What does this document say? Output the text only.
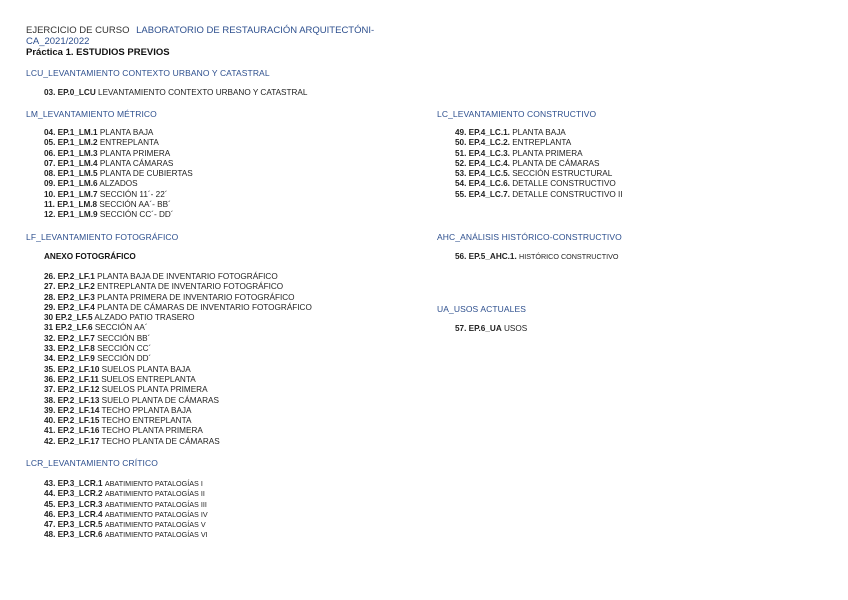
EJERCICIO DE CURSO LABORATORIO DE RESTAURACIÓN ARQUITECTÓNI-
CA_2021/2022
Práctica 1. ESTUDIOS PREVIOS
LCU_LEVANTAMIENTO CONTEXTO URBANO Y CATASTRAL
03. EP.0_LCU LEVANTAMIENTO CONTEXTO URBANO Y CATASTRAL
LM_LEVANTAMIENTO MÉTRICO
04. EP.1_LM.1 PLANTA BAJA
05. EP.1_LM.2 ENTREPLANTA
06. EP.1_LM.3 PLANTA PRIMERA
07. EP.1_LM.4 PLANTA CÁMARAS
08. EP.1_LM.5 PLANTA DE CUBIERTAS
09. EP.1_LM.6 ALZADOS
10. EP.1_LM.7 SECCIÓN 11´- 22´
11. EP.1_LM.8 SECCIÓN AA´- BB´
12. EP.1_LM.9 SECCIÓN CC´- DD´
LF_LEVANTAMIENTO FOTOGRÁFICO
ANEXO FOTOGRÁFICO
26. EP.2_LF.1 PLANTA BAJA DE INVENTARIO FOTOGRÁFICO
27. EP.2_LF.2 ENTREPLANTA DE INVENTARIO FOTOGRÁFICO
28. EP.2_LF.3 PLANTA PRIMERA DE INVENTARIO FOTOGRÁFICO
29. EP.2_LF.4 PLANTA DE CÁMARAS DE INVENTARIO FOTOGRÁFICO
30 EP.2_LF.5 ALZADO PATIO TRASERO
31 EP.2_LF.6 SECCIÓN AA´
32. EP.2_LF.7 SECCIÓN BB´
33. EP.2_LF.8 SECCIÓN CC´
34. EP.2_LF.9 SECCIÓN DD´
35. EP.2_LF.10 SUELOS PLANTA BAJA
36. EP.2_LF.11 SUELOS ENTREPLANTA
37. EP.2_LF.12 SUELOS PLANTA PRIMERA
38. EP.2_LF.13 SUELO PLANTA DE CÁMARAS
39. EP.2_LF.14 TECHO PPLANTA BAJA
40. EP.2_LF.15 TECHO ENTREPLANTA
41. EP.2_LF.16 TECHO PLANTA PRIMERA
42. EP.2_LF.17 TECHO PLANTA DE CÁMARAS
LCR_LEVANTAMIENTO CRÍTICO
43. EP.3_LCR.1 ABATIMIENTO PATALOGÍAS I
44. EP.3_LCR.2 ABATIMIENTO PATALOGÍAS II
45. EP.3_LCR.3 ABATIMIENTO PATALOGÍAS III
46. EP.3_LCR.4 ABATIMIENTO PATALOGÍAS IV
47. EP.3_LCR.5 ABATIMIENTO PATALOGÍAS V
48. EP.3_LCR.6 ABATIMIENTO PATALOGÍAS VI
LC_LEVANTAMIENTO CONSTRUCTIVO
49. EP.4_LC.1. PLANTA BAJA
50. EP.4_LC.2. ENTREPLANTA
51. EP.4_LC.3. PLANTA PRIMERA
52. EP.4_LC.4. PLANTA DE CÁMARAS
53. EP.4_LC.5. SECCIÓN ESTRUCTURAL
54. EP.4_LC.6. DETALLE CONSTRUCTIVO
55. EP.4_LC.7. DETALLE CONSTRUCTIVO II
AHC_ANÁLISIS HISTÓRICO-CONSTRUCTIVO
56. EP.5_AHC.1. HISTÓRICO CONSTRUCTIVO
UA_USOS ACTUALES
57. EP.6_UA USOS
